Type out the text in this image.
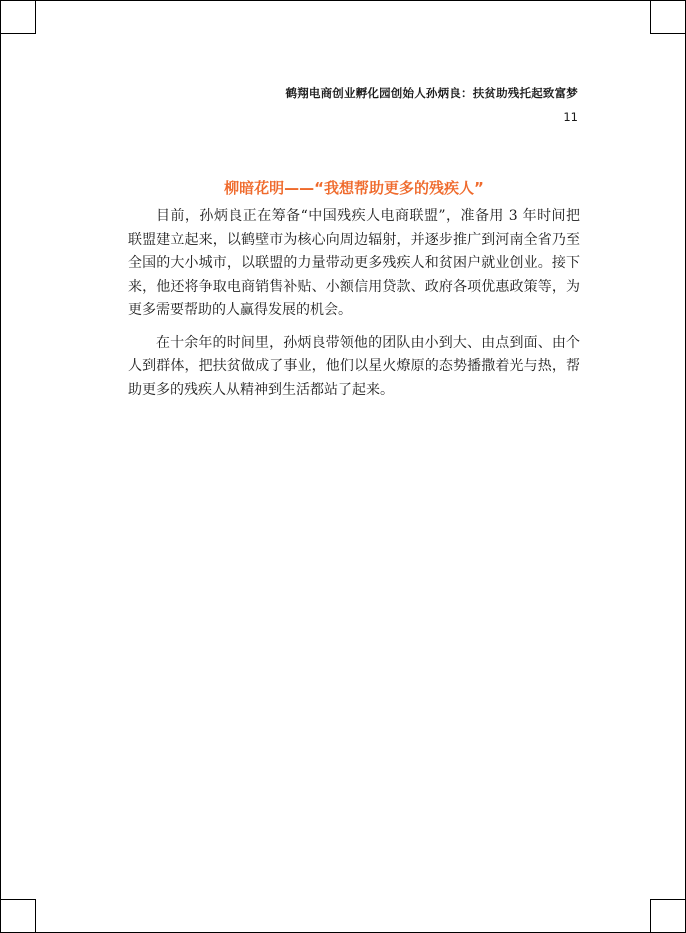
鹤翔电商创业孵化园创始人孙炳良：扶贫助残托起致富梦
11
柳暗花明——“我想帮助更多的残疾人”

目前，孙炳良正在筹备“中国残疾人电商联盟”，准备用 3 年时间把联盟建立起来，以鹤壁市为核心向周边辐射，并逐步推广到河南全省乃至全国的大小城市，以联盟的力量带动更多残疾人和贫困户就业创业。接下来，他还将争取电商销售补贴、小额信用贷款、政府各项优惠政策等，为更多需要帮助的人赢得发展的机会。

在十余年的时间里，孙炳良带领他的团队由小到大、由点到面、由个人到群体，把扶贫做成了事业，他们以星火燎原的态势播撒着光与热，帮助更多的残疾人从精神到生活都站了起来。
